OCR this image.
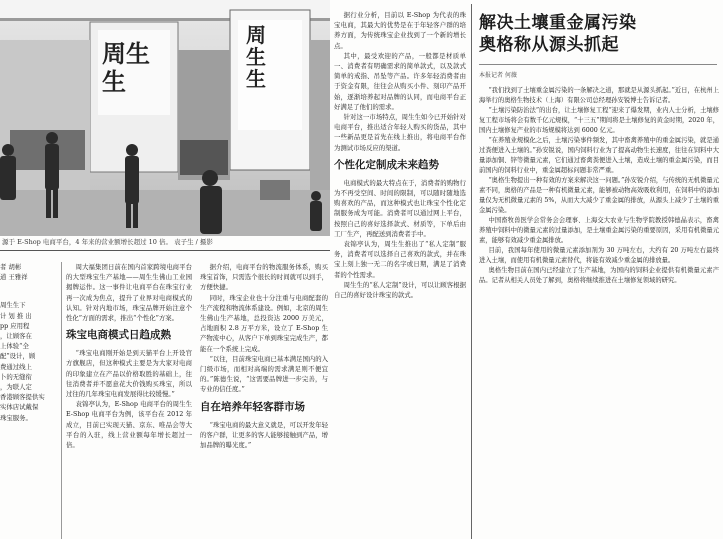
周生生
周生生
源于 E-Shop 电商平台，4 年来的营业额增长超过 10 倍。 袁子生 / 摄影

者 胡彬
道 王雅祥

周生生下
计 划 推 出
pp 应用程
，让顾客在
上体验“全
配”设计，顾
费通过线上
卜的无缝衔
，为联人定
香港顾客提供实
实体店试戴保
珠宝服务。

周大福集团日前在国内首家跨境电商平台的大型珠宝生产基地——周生生佛山工业园揭牌运作。这一事件让电商平台在珠宝行业再一次成为焦点，提升了业界对电商模式的认知。针对内地市场，珠宝品牌开始注意个性化”方面的需求，推出“个性化”方案。

珠宝电商模式日趋成熟

“珠宝电商刚开始是到天猫平台上开设官方旗舰店，但这种模式主要是为大家对电商的印象建立在产品以价格取胜的基础上，往往消费者并不愿意花大价钱购买珠宝，所以过往的几年珠宝电商发展得比较缓慢。”

袁锦亭认为，E-Shop 电商平台的周生生 E-Shop 电商平台为例，该平台在 2012 年成立，目前已实现天猫、京东、唯品会等大平台的入驻，线上营业额每年增长超过一倍。

据介绍，电商平台的物流服务体系，购买珠宝首饰，只需选个很长的时间就可以到手，方便快捷。

同时，珠宝企业也十分注重与电商配套的生产流程和物流体系建设。例如，北京的周生生佛山生产基地，总投资达 2000 万美元，占地面积 2.8 万平方米，设立了 E-Shop 生产物流中心，从客户下单到珠宝完成生产，都能在一个系统上完成。

“以往，目前珠宝电商已基本满足国内的入门级市场，而相对高端的需求满足则不便宜的。”陈德生说，“这需要品牌进一步完善，与专业的信任度。”

自在培养年轻客群市场

“珠宝电商的最大意义就是，可以开发年轻的客户群，让更多的客人能够接触到产品，增加品牌的曝光度。”

据行业分析，目前以 E-Shop 为代表的珠宝电商，其最大的优势是在于年轻客户群的培养方面，为传统珠宝企业找到了一个新的增长点。

其中，最受欢迎的产品，一般都是材质单一、消费者有明确需求的简单款式，以及款式简单的戒指、吊坠等产品。许多年轻消费者由于资金有限，往往会从购买小件、刻印产品开始，逐渐培养起对品牌的认同，而电商平台正好满足了他们的需求。

针对这一市场特点，周生生如今已开始针对电商平台，推出适合年轻人购买的货品，其中一些新品更是首先在线上推出，将电商平台作为测试市场反应的渠道。

个性化定制成未来趋势

电商模式的最大特点在于，消费者的购物行为不再受空间、时间的限制，可以随时随地选购喜欢的产品，而这种模式也让珠宝个性化定制服务成为可能。消费者可以通过网上平台，按照自己的喜好选择款式、材质等，下单后由工厂生产，再配送到消费者手中。

袁锦亭认为，周生生推出了“私人定制”服务，消费者可以选择自己喜欢的款式，并在珠宝上刻上独一无二的名字或日期，满足了消费者的个性需求。

周生生的“私人定制”设计，可以让顾客根据自己的喜好设计珠宝的款式。

解决土壤重金属污染
奥格称从源头抓起
本报记者 何薇

“我们找到了土壤重金属污染的一条解决之道，那就是从源头抓起。”近日，在杭州上海举行的奥格生物技术（上海）有限公司总经理孙安锐博士告诉记者。

“土壤污染防治法”的出台，让土壤修复工程“迎来了爆发期，业内人士分析，土壤修复工程市场将会有数千亿元规模，“十三五”期间将是土壤修复的黄金时期，2020 年，国内土壤修复产业的市场规模将达到 6000 亿元。

“在养殖业规模化之后，土壤污染事件频发，其中畜禽养殖中的重金属污染，就是通过粪便进入土壤的。”孙安锐说，国内饲料行业为了提高动物生长速度，往往在饲料中大量添加铜、锌等微量元素，它们通过畜禽粪便进入土壤，造成土壤的重金属污染，而目前国内的饲料行业中，重金属超标问题非常严重。

“奥格生物提出一种有效的方案来解决这一问题。”孙安锐介绍，与传统的无机微量元素不同，奥格的产品是一种有机微量元素，能够被动物高效吸收利用，在饲料中的添加量仅为无机微量元素的 5%，从而大大减少了重金属的排放，从源头上减少了土壤的重金属污染。

中国畜牧兽医学会常务会会理事、上海交大农业与生物学院教授韩德晶表示，畜禽养殖中饲料中的微量元素的过量添加，是土壤重金属污染的重要原因，采用有机微量元素，能够有效减少重金属排放。

目前，我国每年使用的微量元素添加剂为 30 万吨左右，大约有 20 万吨左右最终进入土壤，而使用有机微量元素替代，将能有效减少重金属的排放量。

奥格生物目前在国内已经建立了生产基地，为国内的饲料企业提供有机微量元素产品。记者从相关人员处了解到，奥格将继续推进在土壤修复领域的研究。
